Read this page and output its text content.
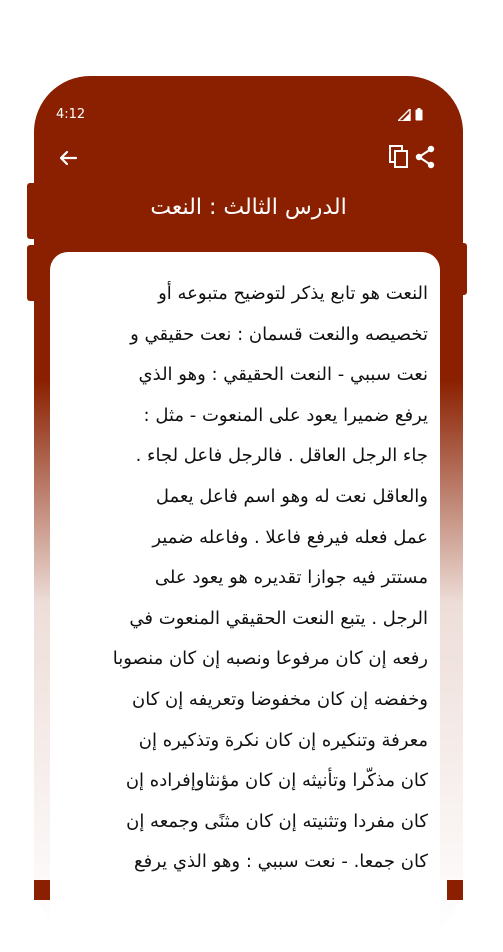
4:12
الدرس الثالث : النعت
النعت هو تابع يذكر لتوضيح متبوعه أو
تخصيصه والنعت قسمان : نعت حقيقي و
نعت سببي - النعت الحقيقي : وهو الذي
يرفع ضميرا يعود على المنعوت - مثل :
جاء الرجل العاقل . فالرجل فاعل لجاء .
والعاقل نعت له وهو اسم فاعل يعمل
عمل فعله فيرفع فاعلا . وفاعله ضمير
مستتر فيه جوازا تقديره هو يعود على
الرجل . يتبع النعت الحقيقي المنعوت في
رفعه إن كان مرفوعا ونصبه إن كان منصوبا
وخفضه إن كان مخفوضا وتعريفه إن كان
معرفة وتنكيره إن كان نكرة وتذكيره إن
كان مذكّرا وتأنيثه إن كان مؤنثاوإفراده إن
كان مفردا وتثنيته إن كان مثنًى وجمعه إن
كان جمعا. - نعت سببي : وهو الذي يرفع
